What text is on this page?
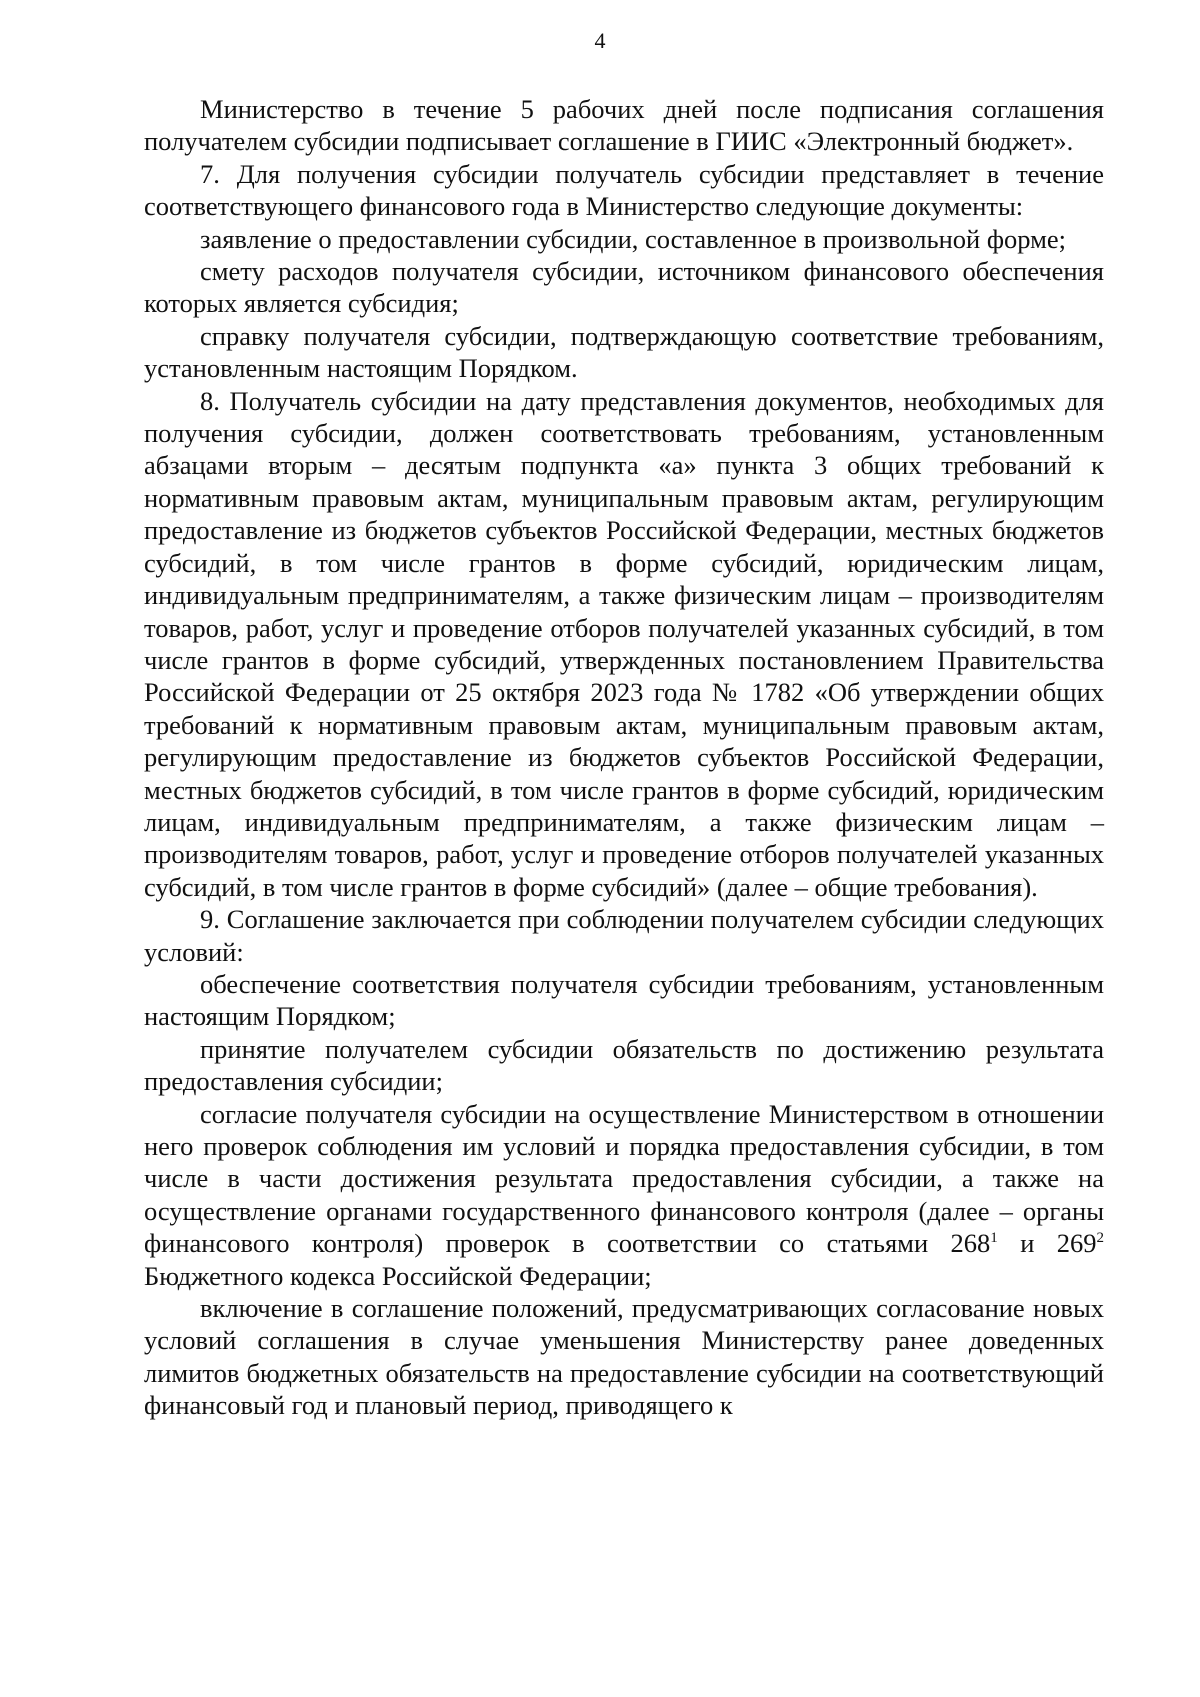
4

Министерство в течение 5 рабочих дней после подписания соглашения получателем субсидии подписывает соглашение в ГИИС «Электронный бюджет».

7. Для получения субсидии получатель субсидии представляет в течение соответствующего финансового года в Министерство следующие документы:

заявление о предоставлении субсидии, составленное в произвольной форме;

смету расходов получателя субсидии, источником финансового обеспечения которых является субсидия;

справку получателя субсидии, подтверждающую соответствие требованиям, установленным настоящим Порядком.

8. Получатель субсидии на дату представления документов, необходимых для получения субсидии, должен соответствовать требованиям, установленным абзацами вторым – десятым подпункта «а» пункта 3 общих требований к нормативным правовым актам, муниципальным правовым актам, регулирующим предоставление из бюджетов субъектов Российской Федерации, местных бюджетов субсидий, в том числе грантов в форме субсидий, юридическим лицам, индивидуальным предпринимателям, а также физическим лицам – производителям товаров, работ, услуг и проведение отборов получателей указанных субсидий, в том числе грантов в форме субсидий, утвержденных постановлением Правительства Российской Федерации от 25 октября 2023 года № 1782 «Об утверждении общих требований к нормативным правовым актам, муниципальным правовым актам, регулирующим предоставление из бюджетов субъектов Российской Федерации, местных бюджетов субсидий, в том числе грантов в форме субсидий, юридическим лицам, индивидуальным предпринимателям, а также физическим лицам – производителям товаров, работ, услуг и проведение отборов получателей указанных субсидий, в том числе грантов в форме субсидий» (далее – общие требования).

9. Соглашение заключается при соблюдении получателем субсидии следующих условий:

обеспечение соответствия получателя субсидии требованиям, установленным настоящим Порядком;

принятие получателем субсидии обязательств по достижению результата предоставления субсидии;

согласие получателя субсидии на осуществление Министерством в отношении него проверок соблюдения им условий и порядка предоставления субсидии, в том числе в части достижения результата предоставления субсидии, а также на осуществление органами государственного финансового контроля (далее – органы финансового контроля) проверок в соответствии со статьями $268^1$ и $269^2$ Бюджетного кодекса Российской Федерации;

включение в соглашение положений, предусматривающих согласование новых условий соглашения в случае уменьшения Министерству ранее доведенных лимитов бюджетных обязательств на предоставление субсидии на соответствующий финансовый год и плановый период, приводящего к
